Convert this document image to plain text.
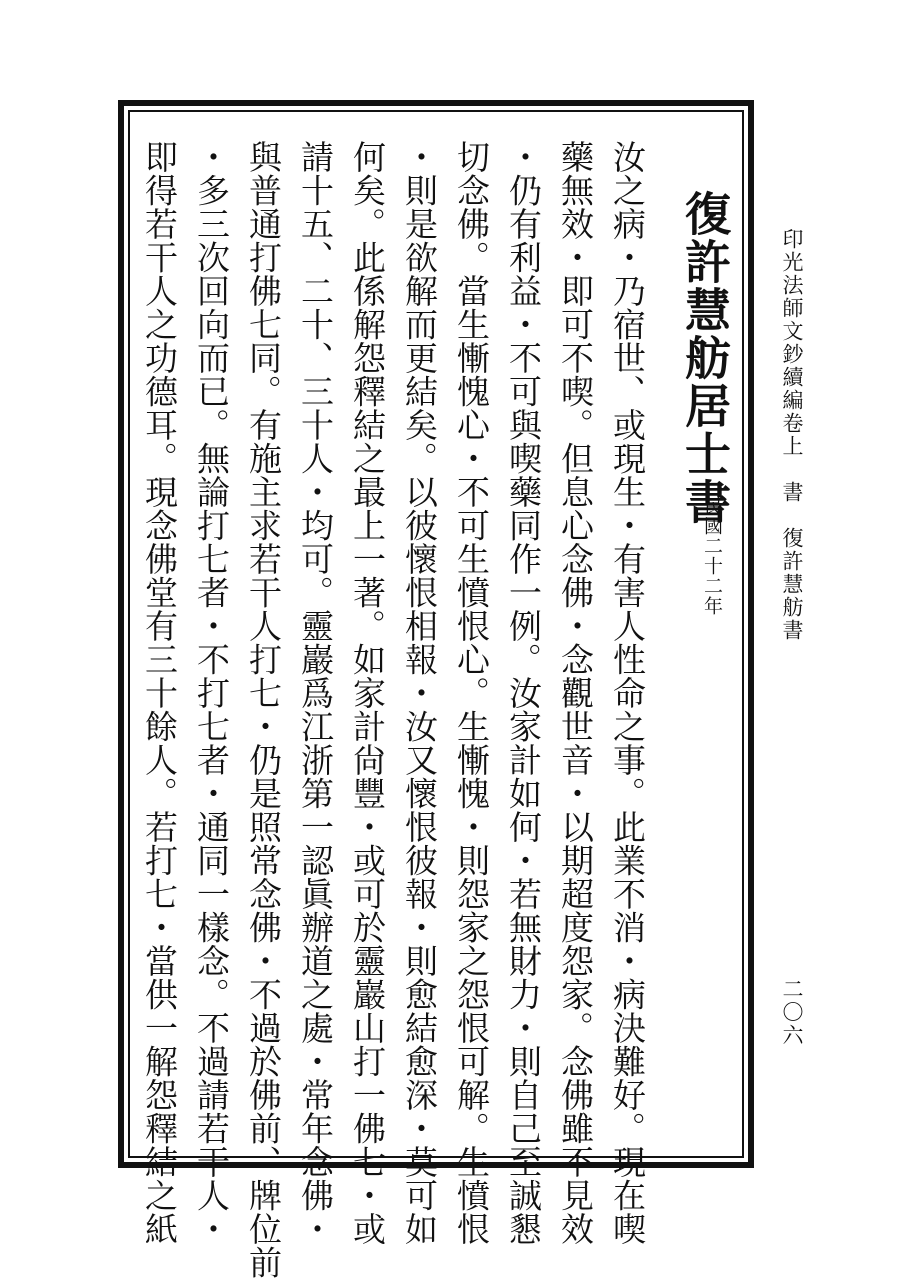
復許慧舫居士書
民國二十二年
汝之病・乃宿世、或現生・有害人性命之事。此業不消・病決難好。現在喫
藥無效・即可不喫。但息心念佛・念觀世音・以期超度怨家。念佛雖不見效
・仍有利益・不可與喫藥同作一例。汝家計如何・若無財力・則自己至誠懇
切念佛。當生慚愧心・不可生憤恨心。生慚愧・則怨家之怨恨可解。生憤恨
・則是欲解而更結矣。以彼懷恨相報・汝又懷恨彼報・則愈結愈深・莫可如
何矣。此係解怨釋結之最上一著。如家計尙豐・或可於靈巖山打一佛七・或
請十五、二十、三十人・均可。靈巖爲江浙第一認眞辦道之處・常年念佛・
與普通打佛七同。有施主求若干人打七・仍是照常念佛・不過於佛前、牌位前
・多三次回向而已。無論打七者・不打七者・通同一樣念。不過請若干人・
即得若干人之功德耳。現念佛堂有三十餘人。若打七・當供一解怨釋結之紙	印光法師文鈔續編卷上　書　復許慧舫書
二〇六
